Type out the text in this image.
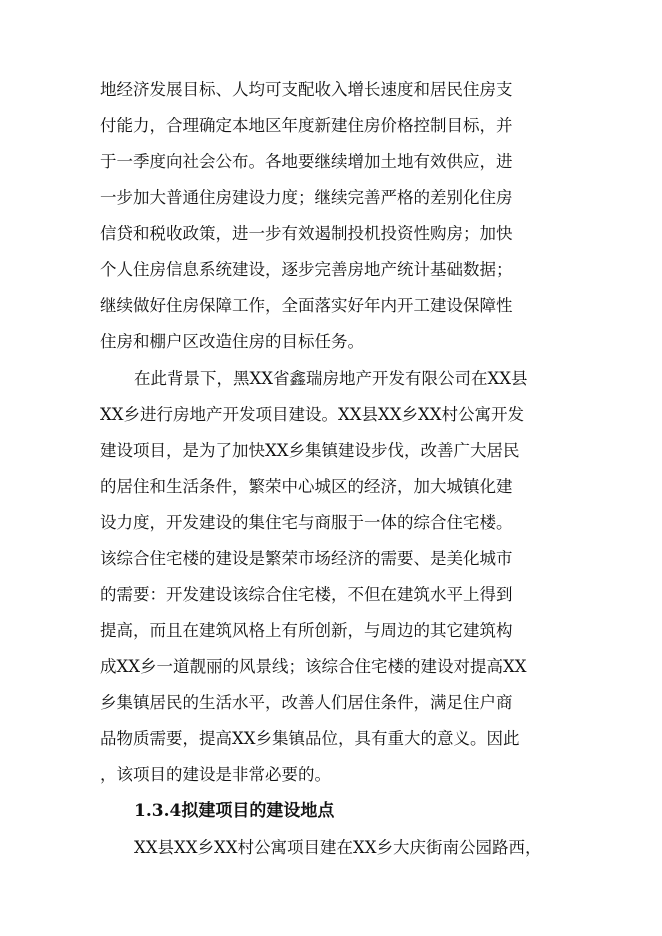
地经济发展目标、人均可支配收入增长速度和居民住房支
付能力，合理确定本地区年度新建住房价格控制目标，并
于一季度向社会公布。各地要继续增加土地有效供应，进
一步加大普通住房建设力度；继续完善严格的差别化住房
信贷和税收政策，进一步有效遏制投机投资性购房；加快
个人住房信息系统建设，逐步完善房地产统计基础数据；
继续做好住房保障工作，全面落实好年内开工建设保障性
住房和棚户区改造住房的目标任务。
在此背景下，黑XX省鑫瑞房地产开发有限公司在XX县
XX乡进行房地产开发项目建设。XX县XX乡XX村公寓开发
建设项目，是为了加快XX乡集镇建设步伐，改善广大居民
的居住和生活条件，繁荣中心城区的经济，加大城镇化建
设力度，开发建设的集住宅与商服于一体的综合住宅楼。
该综合住宅楼的建设是繁荣市场经济的需要、是美化城市
的需要：开发建设该综合住宅楼，不但在建筑水平上得到
提高，而且在建筑风格上有所创新，与周边的其它建筑构
成XX乡一道靓丽的风景线；该综合住宅楼的建设对提高XX
乡集镇居民的生活水平，改善人们居住条件，满足住户商
品物质需要，提高XX乡集镇品位，具有重大的意义。因此
，该项目的建设是非常必要的。
1.3.4拟建项目的建设地点
XX县XX乡XX村公寓项目建在XX乡大庆街南公园路西，
